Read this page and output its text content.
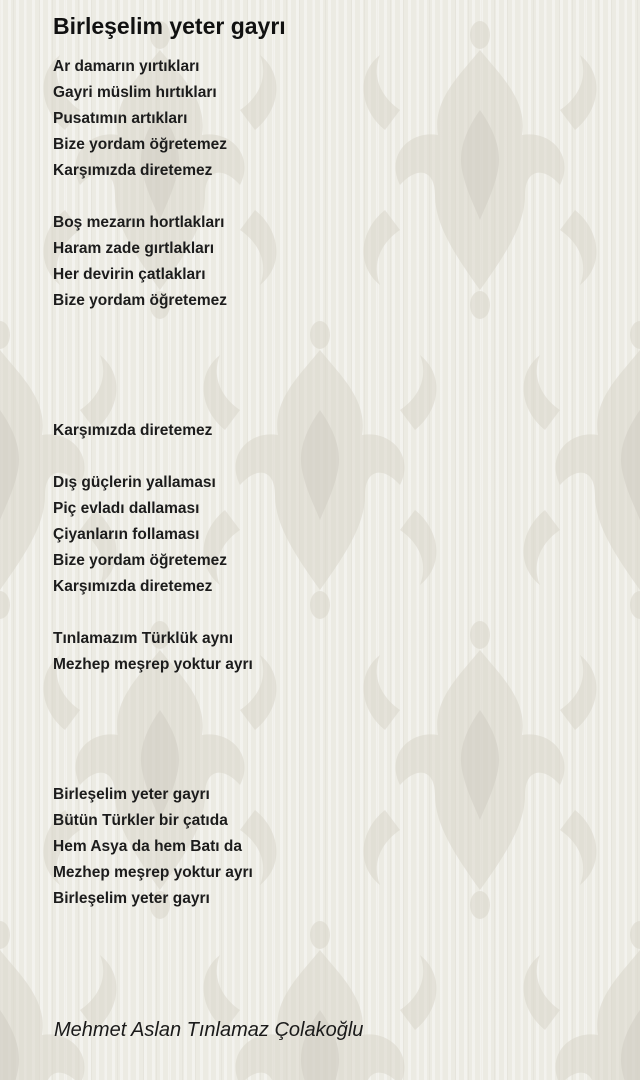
Birleşelim yeter gayrı
Ar damarın yırtıkları
Gayri müslim hırtıkları
Pusatımın artıkları
Bize yordam öğretemez
Karşımızda diretemez
Boş mezarın hortlakları
Haram zade gırtlakları
Her devirin çatlakları
Bize yordam öğretemez
Karşımızda diretemez
Dış güçlerin yallaması
Piç evladı dallaması
Çiyanların follaması
Bize yordam öğretemez
Karşımızda diretemez
Tınlamazım Türklük aynı
Mezhep meşrep yoktur ayrı
Birleşelim yeter gayrı
Bütün Türkler bir çatıda
Hem Asya da hem Batı da
Mezhep meşrep yoktur ayrı
Birleşelim yeter gayrı
Mehmet Aslan Tınlamaz Çolakoğlu
